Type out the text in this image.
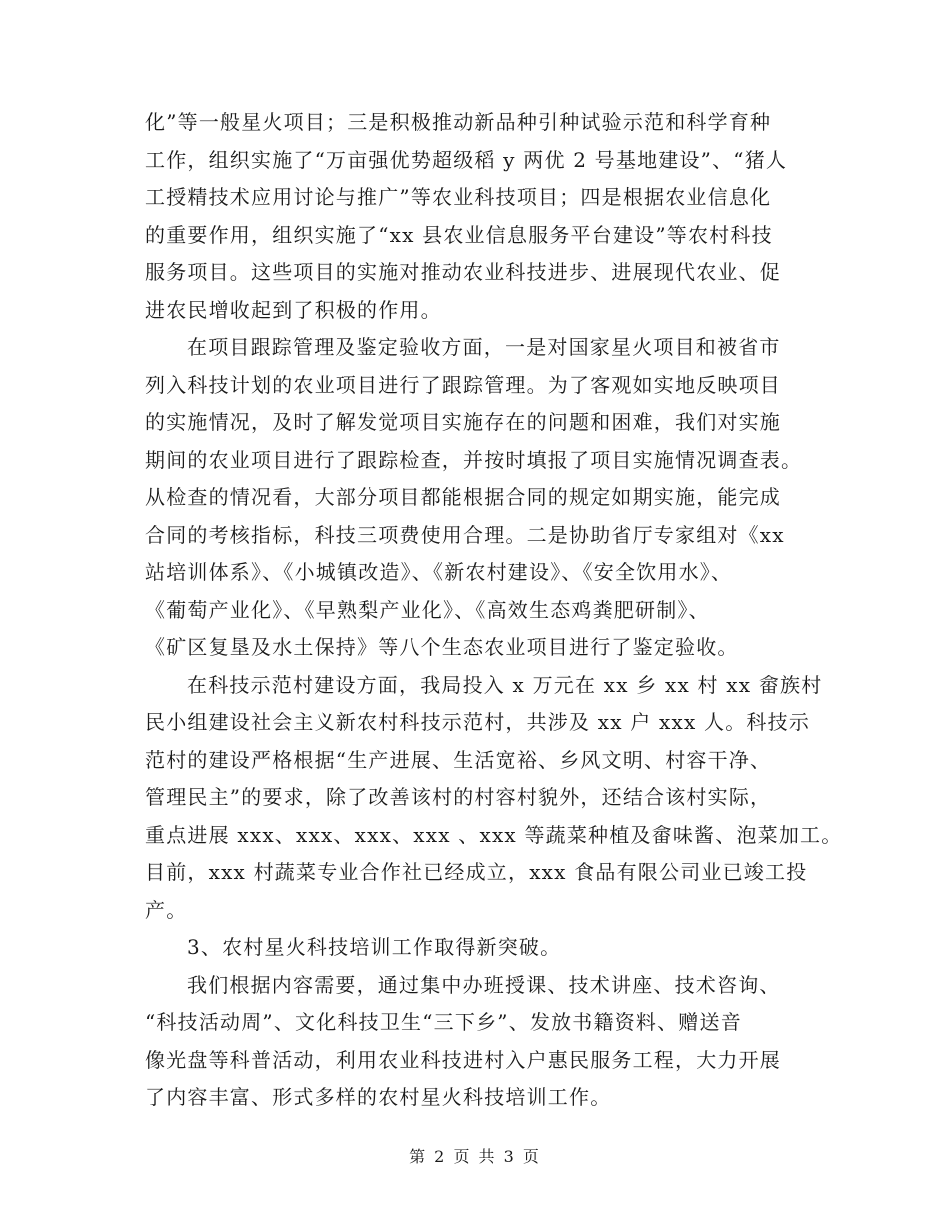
化”等一般星火项目；三是积极推动新品种引种试验示范和科学育种
工作，组织实施了“万亩强优势超级稻 y 两优 2 号基地建设”、“猪人
工授精技术应用讨论与推广”等农业科技项目；四是根据农业信息化
的重要作用，组织实施了“xx 县农业信息服务平台建设”等农村科技
服务项目。这些项目的实施对推动农业科技进步、进展现代农业、促
进农民增收起到了积极的作用。
在项目跟踪管理及鉴定验收方面，一是对国家星火项目和被省市
列入科技计划的农业项目进行了跟踪管理。为了客观如实地反映项目
的实施情况，及时了解发觉项目实施存在的问题和困难，我们对实施
期间的农业项目进行了跟踪检查，并按时填报了项目实施情况调查表。
从检查的情况看，大部分项目都能根据合同的规定如期实施，能完成
合同的考核指标，科技三项费使用合理。二是协助省厅专家组对《xx
站培训体系》、《小城镇改造》、《新农村建设》、《安全饮用水》、
《葡萄产业化》、《早熟梨产业化》、《高效生态鸡粪肥研制》、
《矿区复垦及水土保持》等八个生态农业项目进行了鉴定验收。
在科技示范村建设方面，我局投入 x 万元在 xx 乡 xx 村 xx 畲族村
民小组建设社会主义新农村科技示范村，共涉及 xx 户 xxx 人。科技示
范村的建设严格根据“生产进展、生活宽裕、乡风文明、村容干净、
管理民主”的要求，除了改善该村的村容村貌外，还结合该村实际，
重点进展 xxx、xxx、xxx、xxx 、xxx 等蔬菜种植及畲味酱、泡菜加工。
目前，xxx 村蔬菜专业合作社已经成立，xxx 食品有限公司业已竣工投
产。
3、农村星火科技培训工作取得新突破。
我们根据内容需要，通过集中办班授课、技术讲座、技术咨询、
“科技活动周”、文化科技卫生“三下乡”、发放书籍资料、赠送音
像光盘等科普活动，利用农业科技进村入户惠民服务工程，大力开展
了内容丰富、形式多样的农村星火科技培训工作。
第 2 页 共 3 页
